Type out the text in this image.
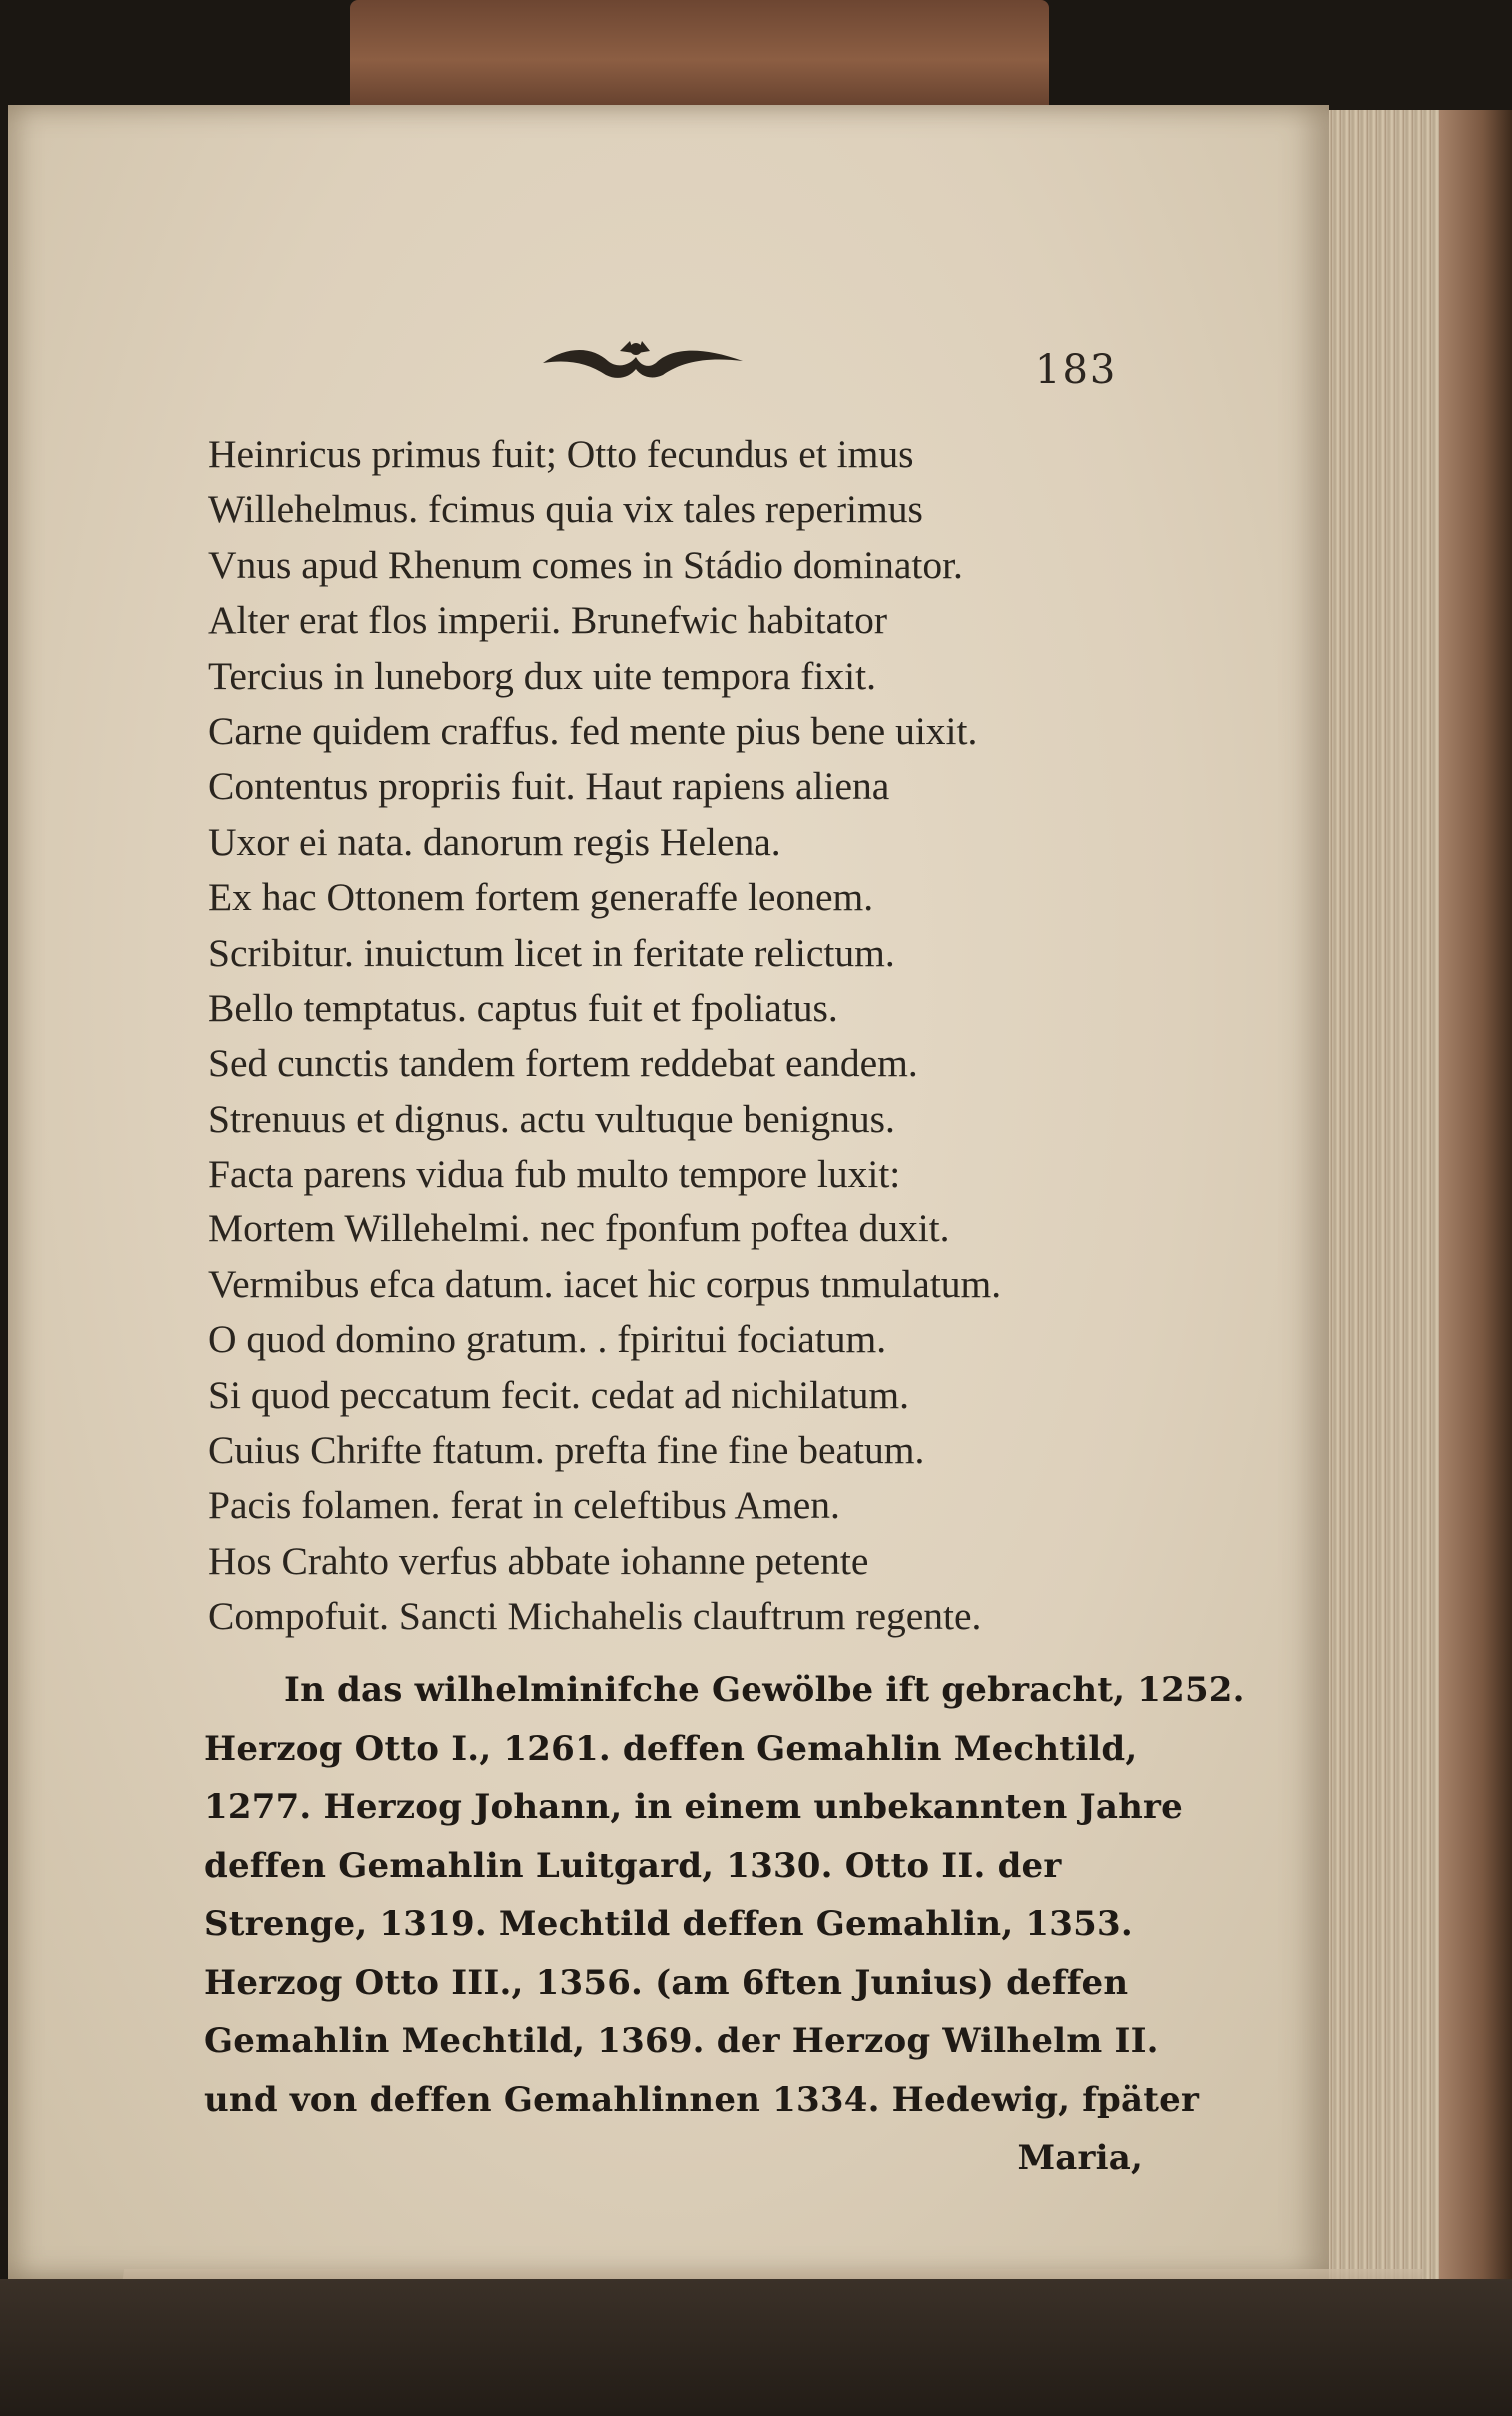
183
Heinricus primus fuit; Otto fecundus et imus
Willehelmus. fcimus quia vix tales reperimus
Vnus apud Rhenum comes in Stádio dominator.
Alter erat flos imperii. Brunefwic habitator
Tercius in luneborg dux uite tempora fixit.
Carne quidem craffus. fed mente pius bene uixit.
Contentus propriis fuit. Haut rapiens aliena
Uxor ei nata. danorum regis Helena.
Ex hac Ottonem fortem generaffe leonem.
Scribitur. inuictum licet in feritate relictum.
Bello temptatus. captus fuit et fpoliatus.
Sed cunctis tandem fortem reddebat eandem.
Strenuus et dignus. actu vultuque benignus.
Facta parens vidua fub multo tempore luxit:
Mortem Willehelmi. nec fponfum poftea duxit.
Vermibus efca datum. iacet hic corpus tnmulatum.
O quod domino gratum. . fpiritui fociatum.
Si quod peccatum fecit. cedat ad nichilatum.
Cuius Chrifte ftatum. prefta fine fine beatum.
Pacis folamen. ferat in celeftibus Amen.
Hos Crahto verfus abbate iohanne petente
Compofuit. Sancti Michahelis clauftrum regente.
In das wilhelminifche Gewölbe ift gebracht, 1252.
Herzog Otto I., 1261. deffen Gemahlin Mechtild,
1277. Herzog Johann, in einem unbekannten Jahre
deffen Gemahlin Luitgard, 1330. Otto II. der
Strenge, 1319. Mechtild deffen Gemahlin, 1353.
Herzog Otto III., 1356. (am 6ften Junius) deffen
Gemahlin Mechtild, 1369. der Herzog Wilhelm II.
und von deffen Gemahlinnen 1334. Hedewig, fpäter
Maria,
